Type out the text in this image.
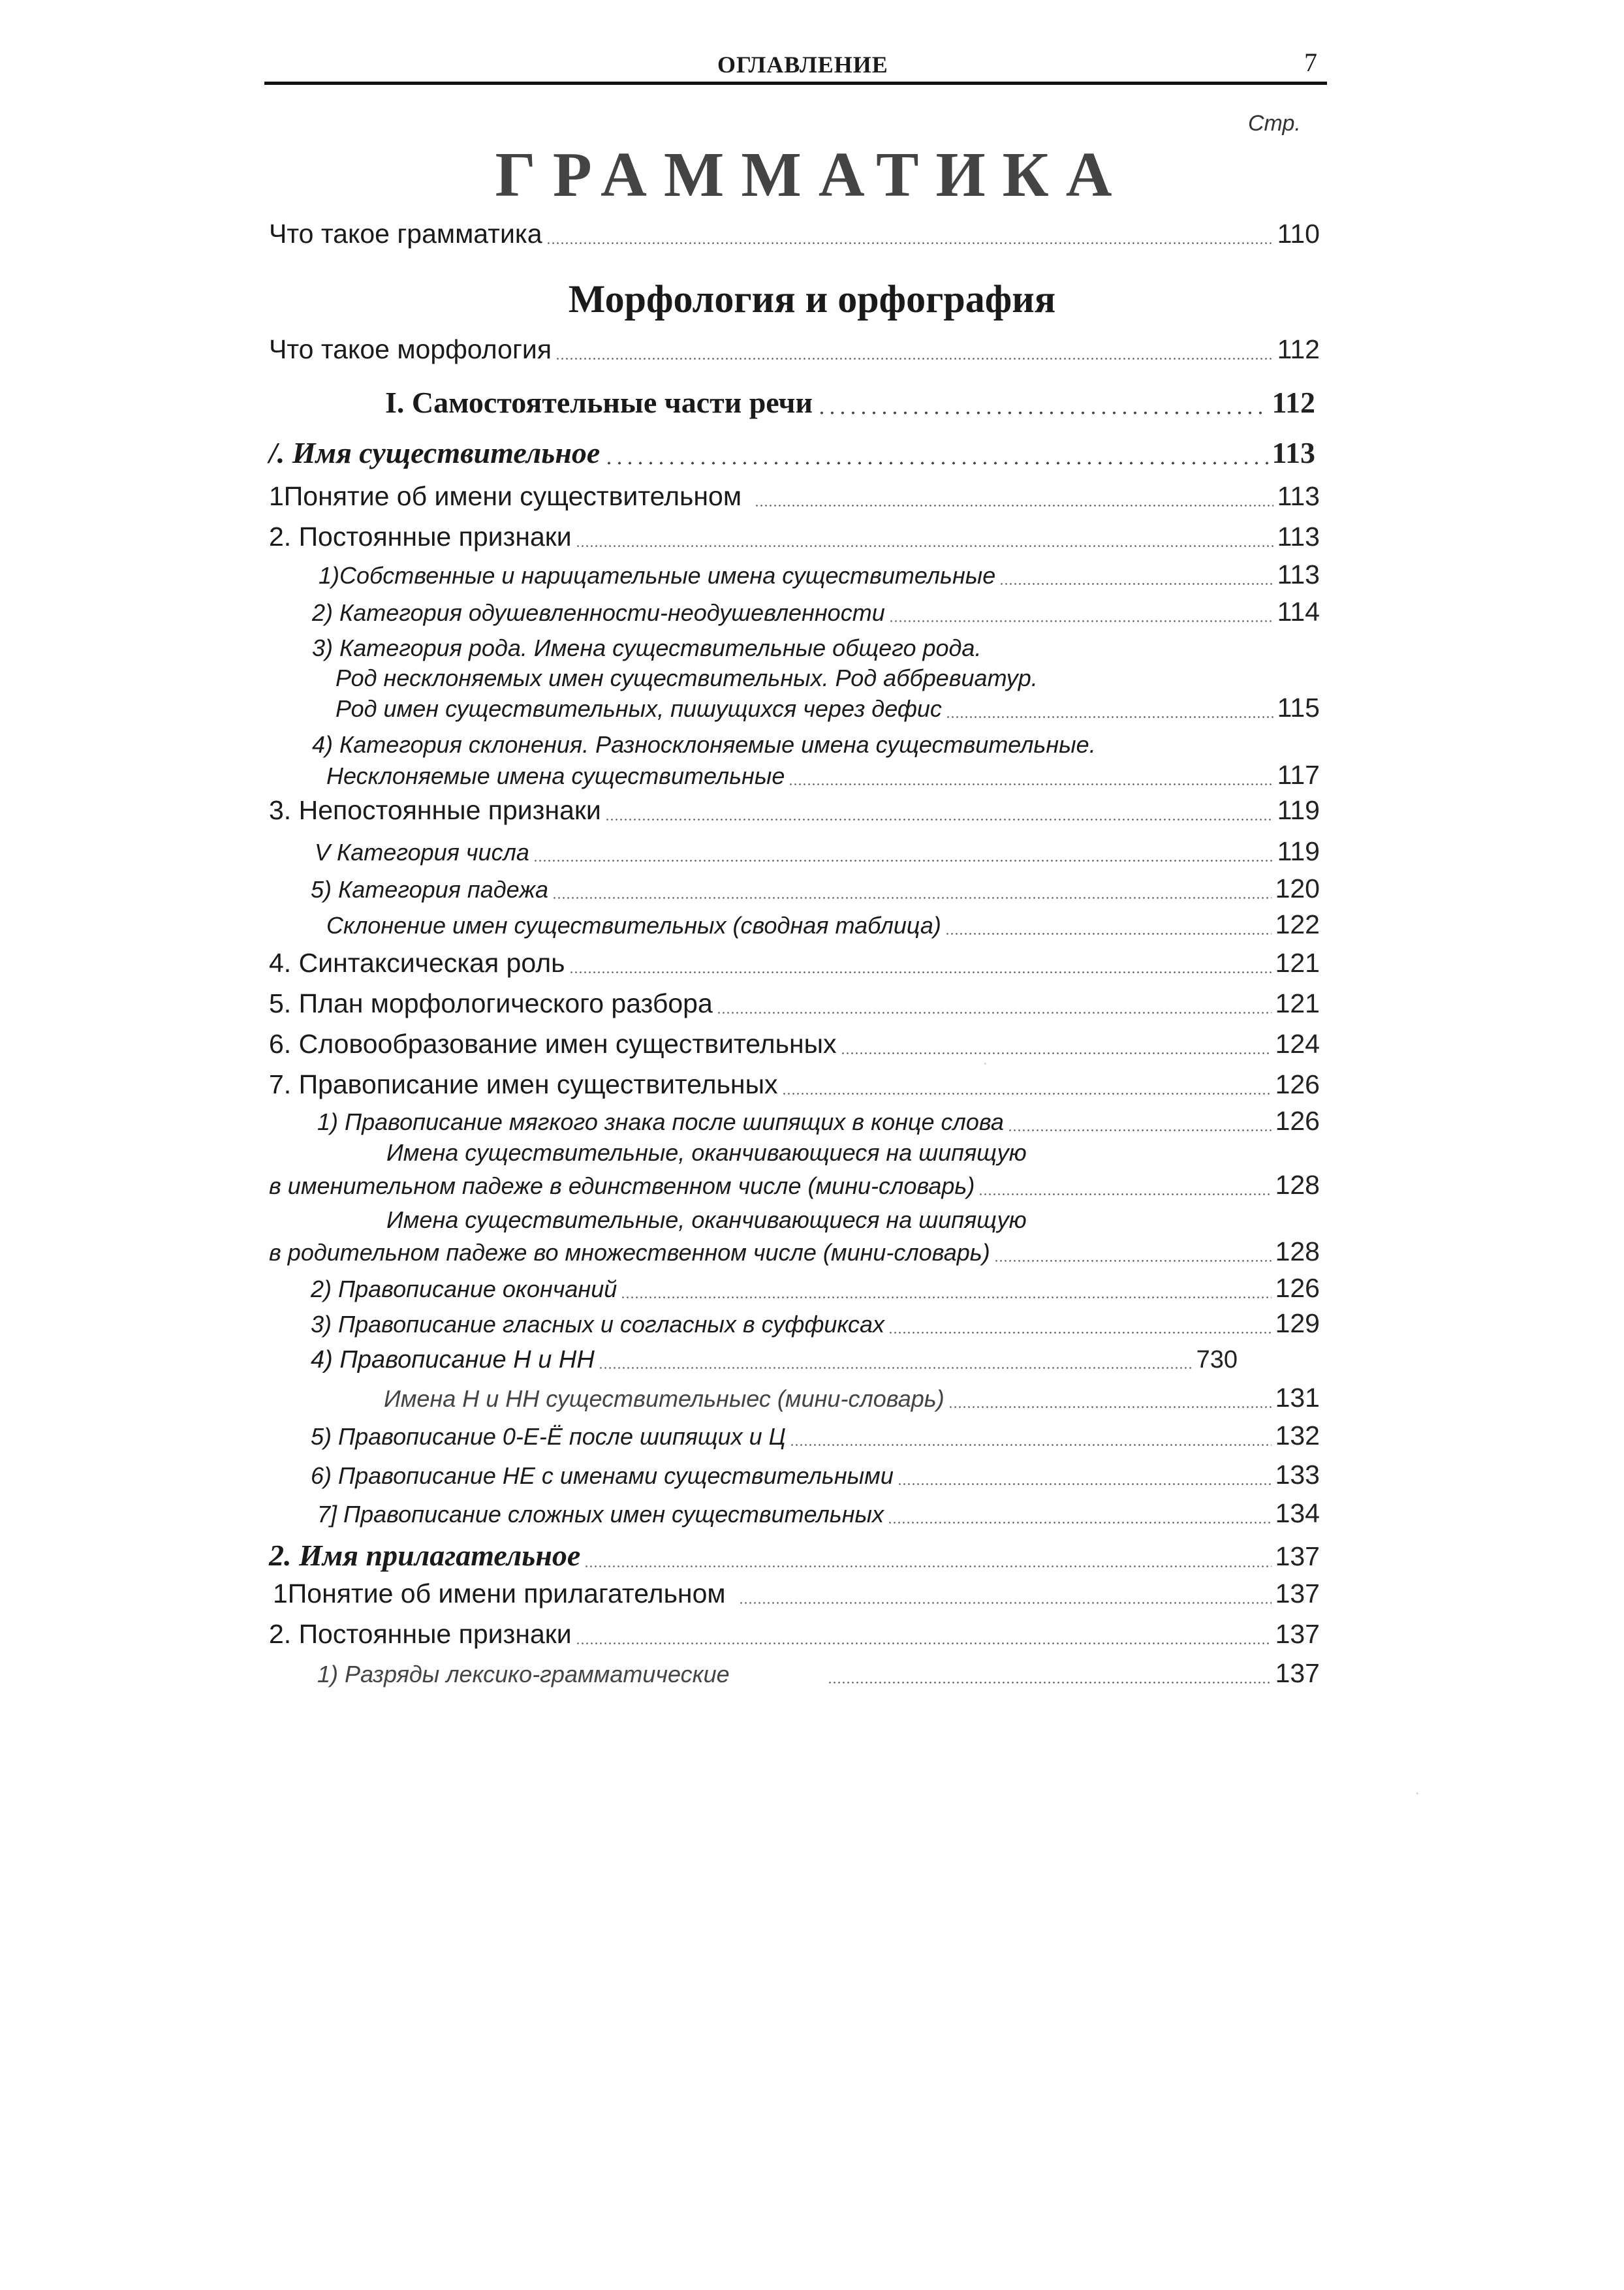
ОГЛАВЛЕНИЕ	7
Стр.
ГРАММАТИКА
Что такое грамматика	110
Морфология и орфография
Что такое морфология	112
I. Самостоятельные части речи	112
/. Имя существительное	113
1Понятие об имени существительном	113
2. Постоянные признаки	113
1)Собственные и нарицательные имена существительные	113
2) Категория одушевленности-неодушевленности	114
3) Категория рода. Имена существительные общего рода.
Род несклоняемых имен существительных. Род аббревиатур.
Род имен существительных, пишущихся через дефис	115
4) Категория склонения. Разносклоняемые имена существительные.
Несклоняемые имена существительные	117
3. Непостоянные признаки	119
V Категория числа	119
5) Категория падежа	120
Склонение имен существительных (сводная таблица)	122
4. Синтаксическая роль	121
5. План морфологического разбора	121
6. Словообразование имен существительных	124
7. Правописание имен существительных	126
1) Правописание мягкого знака после шипящих в конце слова	126
Имена существительные, оканчивающиеся на шипящую
в именительном падеже в единственном числе (мини-словарь)	128
Имена существительные, оканчивающиеся на шипящую
в родительном падеже во множественном числе (мини-словарь)	128
2) Правописание окончаний	126
3) Правописание гласных и согласных в суффиксах	129
4) Правописание Н и НН	730
Имена Н и НН существительныес (мини-словарь)	131
5) Правописание 0-Е-Ё после шипящих и Ц	132
6) Правописание НЕ с именами существительными	133
7] Правописание сложных имен существительных	134
2. Имя прилагательное	137
1Понятие об имени прилагательном	137
2. Постоянные признаки	137
1) Разряды лексико-грамматические	137
·
·
